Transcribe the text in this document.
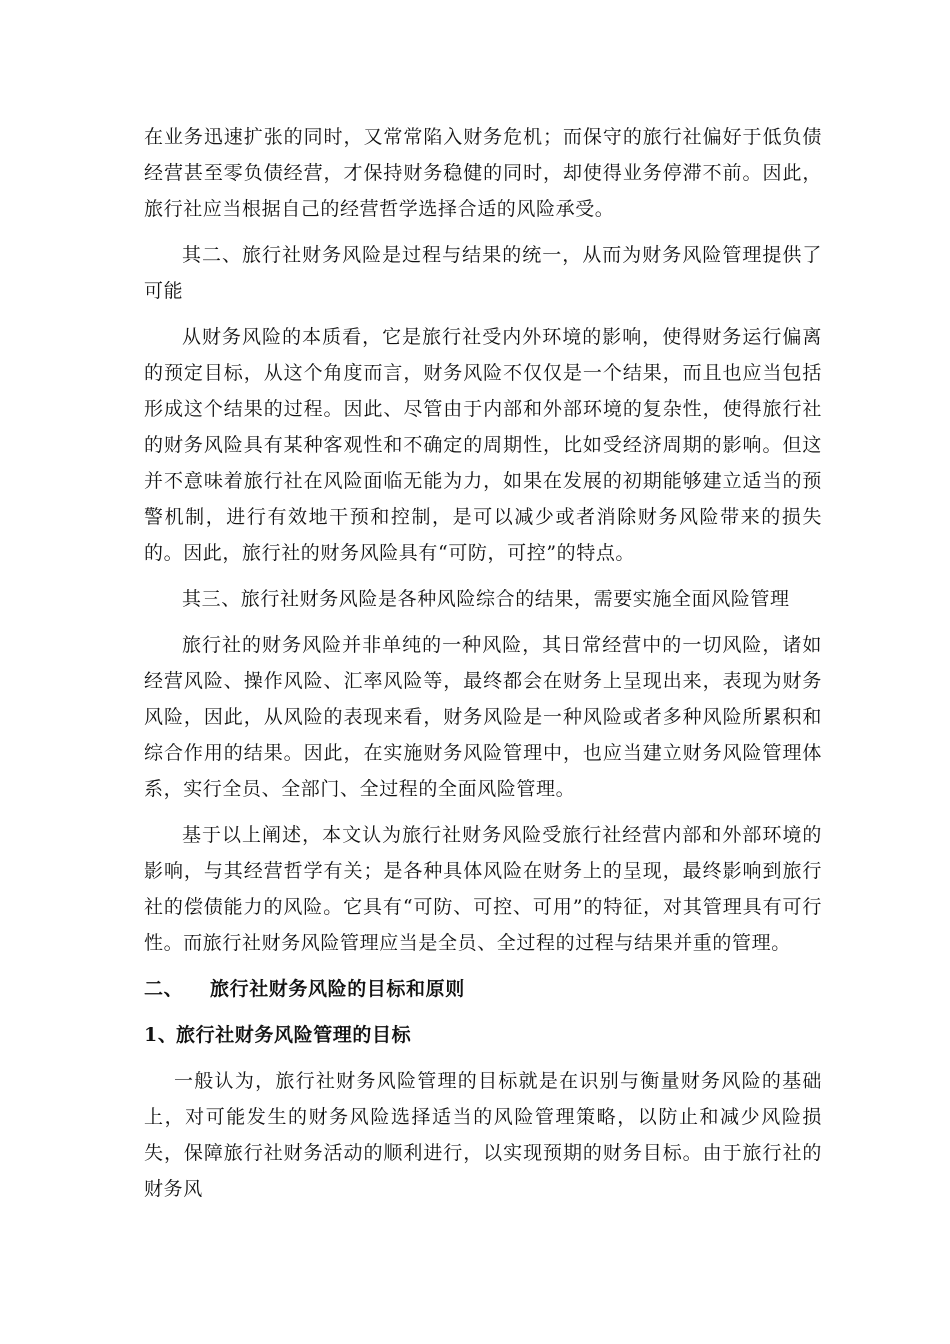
在业务迅速扩张的同时，又常常陷入财务危机；而保守的旅行社偏好于低负债经营甚至零负债经营，才保持财务稳健的同时，却使得业务停滞不前。因此，旅行社应当根据自己的经营哲学选择合适的风险承受。

其二、旅行社财务风险是过程与结果的统一，从而为财务风险管理提供了可能

从财务风险的本质看，它是旅行社受内外环境的影响，使得财务运行偏离的预定目标，从这个角度而言，财务风险不仅仅是一个结果，而且也应当包括形成这个结果的过程。因此、尽管由于内部和外部环境的复杂性，使得旅行社的财务风险具有某种客观性和不确定的周期性，比如受经济周期的影响。但这并不意味着旅行社在风险面临无能为力，如果在发展的初期能够建立适当的预警机制，进行有效地干预和控制，是可以减少或者消除财务风险带来的损失的。因此，旅行社的财务风险具有“可防，可控”的特点。

其三、旅行社财务风险是各种风险综合的结果，需要实施全面风险管理

旅行社的财务风险并非单纯的一种风险，其日常经营中的一切风险，诸如经营风险、操作风险、汇率风险等，最终都会在财务上呈现出来，表现为财务风险，因此，从风险的表现来看，财务风险是一种风险或者多种风险所累积和综合作用的结果。因此，在实施财务风险管理中，也应当建立财务风险管理体系，实行全员、全部门、全过程的全面风险管理。

基于以上阐述，本文认为旅行社财务风险受旅行社经营内部和外部环境的影响，与其经营哲学有关；是各种具体风险在财务上的呈现，最终影响到旅行社的偿债能力的风险。它具有“可防、可控、可用”的特征，对其管理具有可行性。而旅行社财务风险管理应当是全员、全过程的过程与结果并重的管理。

二、 旅行社财务风险的目标和原则
1、旅行社财务风险管理的目标

一般认为，旅行社财务风险管理的目标就是在识别与衡量财务风险的基础上，对可能发生的财务风险选择适当的风险管理策略，以防止和减少风险损失，保障旅行社财务活动的顺利进行，以实现预期的财务目标。由于旅行社的财务风
